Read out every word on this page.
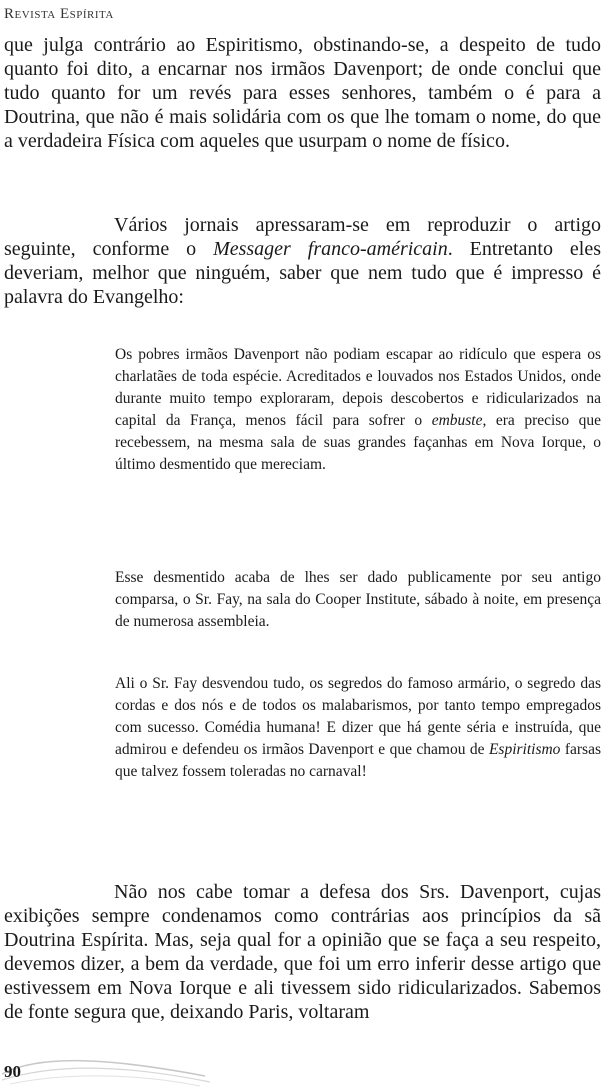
Revista Espírita

que julga contrário ao Espiritismo, obstinando-se, a despeito de tudo quanto foi dito, a encarnar nos irmãos Davenport; de onde conclui que tudo quanto for um revés para esses senhores, também o é para a Doutrina, que não é mais solidária com os que lhe tomam o nome, do que a verdadeira Física com aqueles que usurpam o nome de físico.

Vários jornais apressaram-se em reproduzir o artigo seguinte, conforme o Messager franco-américain. Entretanto eles deveriam, melhor que ninguém, saber que nem tudo que é impresso é palavra do Evangelho:

Os pobres irmãos Davenport não podiam escapar ao ridículo que espera os charlatães de toda espécie. Acreditados e louvados nos Estados Unidos, onde durante muito tempo exploraram, depois descobertos e ridicularizados na capital da França, menos fácil para sofrer o embuste, era preciso que recebessem, na mesma sala de suas grandes façanhas em Nova Iorque, o último desmentido que mereciam.

Esse desmentido acaba de lhes ser dado publicamente por seu antigo comparsa, o Sr. Fay, na sala do Cooper Institute, sábado à noite, em presença de numerosa assembleia.

Ali o Sr. Fay desvendou tudo, os segredos do famoso armário, o segredo das cordas e dos nós e de todos os malabarismos, por tanto tempo empregados com sucesso. Comédia humana! E dizer que há gente séria e instruída, que admirou e defendeu os irmãos Davenport e que chamou de Espiritismo farsas que talvez fossem toleradas no carnaval!

Não nos cabe tomar a defesa dos Srs. Davenport, cujas exibições sempre condenamos como contrárias aos princípios da sã Doutrina Espírita. Mas, seja qual for a opinião que se faça a seu respeito, devemos dizer, a bem da verdade, que foi um erro inferir desse artigo que estivessem em Nova Iorque e ali tivessem sido ridicularizados. Sabemos de fonte segura que, deixando Paris, voltaram

90
